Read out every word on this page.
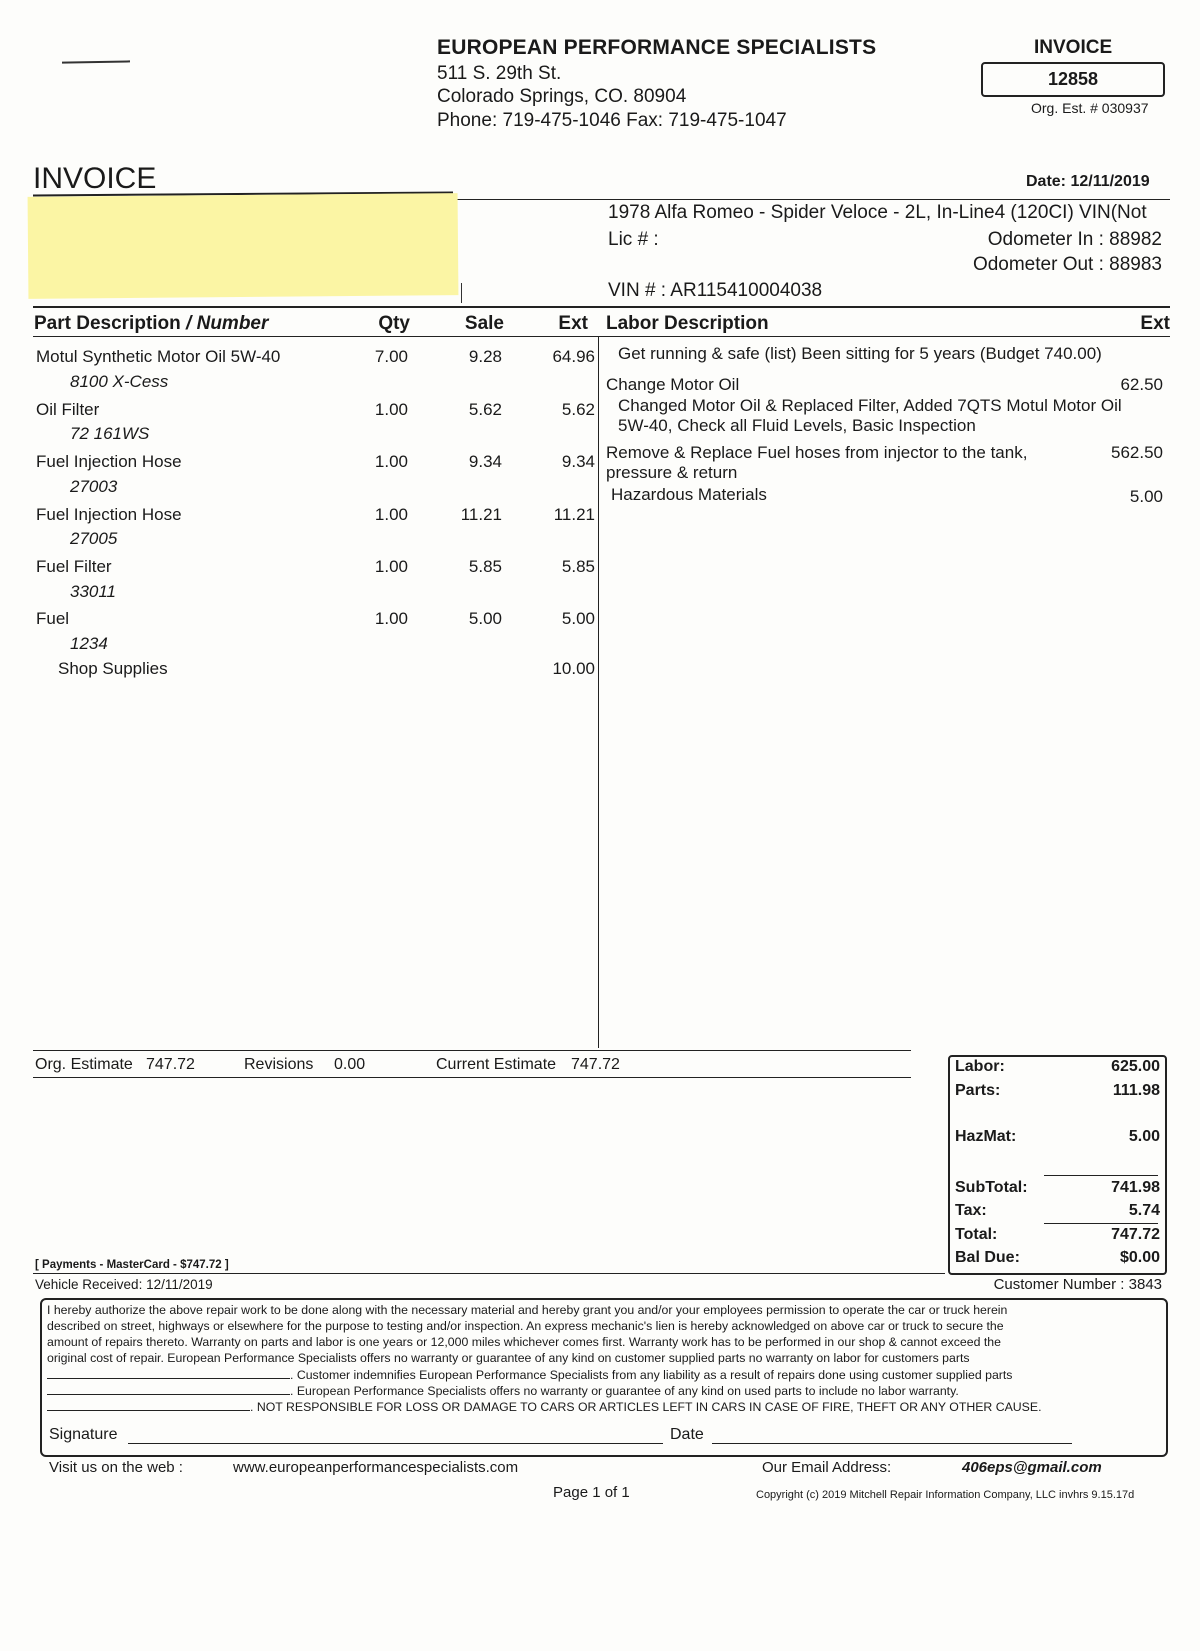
EUROPEAN PERFORMANCE SPECIALISTS
511 S. 29th St.
Colorado Springs, CO. 80904
Phone: 719-475-1046 Fax: 719-475-1047
INVOICE
12858
Org. Est. # 030937
INVOICE	Date: 12/11/2019
1978 Alfa Romeo - Spider Veloce - 2L, In-Line4 (120CI) VIN(Not
Lic # :	Odometer In : 88982
Odometer Out : 88983
VIN # : AR115410004038
Part Description / Number	Qty	Sale	Ext Labor Description	Ext
Motul Synthetic Motor Oil 5W-40
8100 X-Cess
7.00	9.28	64.96
Oil Filter
72 161WS
1.00	5.62	5.62
Fuel Injection Hose
27003
1.00	9.34	9.34
Fuel Injection Hose
27005
1.00	11.21	11.21
Fuel Filter
33011
1.00	5.85	5.85
Fuel
1234
1.00	5.00	5.00
Shop Supplies	10.00
Get running & safe (list) Been sitting for 5 years (Budget 740.00)
Change Motor Oil	62.50
Changed Motor Oil & Replaced Filter, Added 7QTS Motul Motor Oil
5W-40, Check all Fluid Levels, Basic Inspection
Remove & Replace Fuel hoses from injector to the tank,
pressure & return
562.50
Hazardous Materials	5.00
Org. Estimate 747.72	Revisions 0.00	Current Estimate 747.72	Labor:	625.00
Parts:	111.98
HazMat:	5.00
SubTotal:	741.98
Tax:	5.74
Total:	747.72
Bal Due:	$0.00
[ Payments - MasterCard - $747.72 ]
Vehicle Received: 12/11/2019	Customer Number : 3843
I hereby authorize the above repair work to be done along with the necessary material and hereby grant you and/or your employees permission to operate the car or truck herein
described on street, highways or elsewhere for the purpose to testing and/or inspection. An express mechanic's lien is hereby acknowledged on above car or truck to secure the
amount of repairs thereto. Warranty on parts and labor is one years or 12,000 miles whichever comes first. Warranty work has to be performed in our shop & cannot exceed the
original cost of repair. European Performance Specialists offers no warranty or guarantee of any kind on customer supplied parts no warranty on labor for customers parts
. Customer indemnifies European Performance Specialists from any liability as a result of repairs done using customer supplied parts
. European Performance Specialists offers no warranty or guarantee of any kind on used parts to include no labor warranty.
. NOT RESPONSIBLE FOR LOSS OR DAMAGE TO CARS OR ARTICLES LEFT IN CARS IN CASE OF FIRE, THEFT OR ANY OTHER CAUSE.
Signature	Date
Visit us on the web :	www.europeanperformancespecialists.com	Our Email Address:	406eps@gmail.com
Page 1 of 1	Copyright (c) 2019 Mitchell Repair Information Company, LLC invhrs 9.15.17d
